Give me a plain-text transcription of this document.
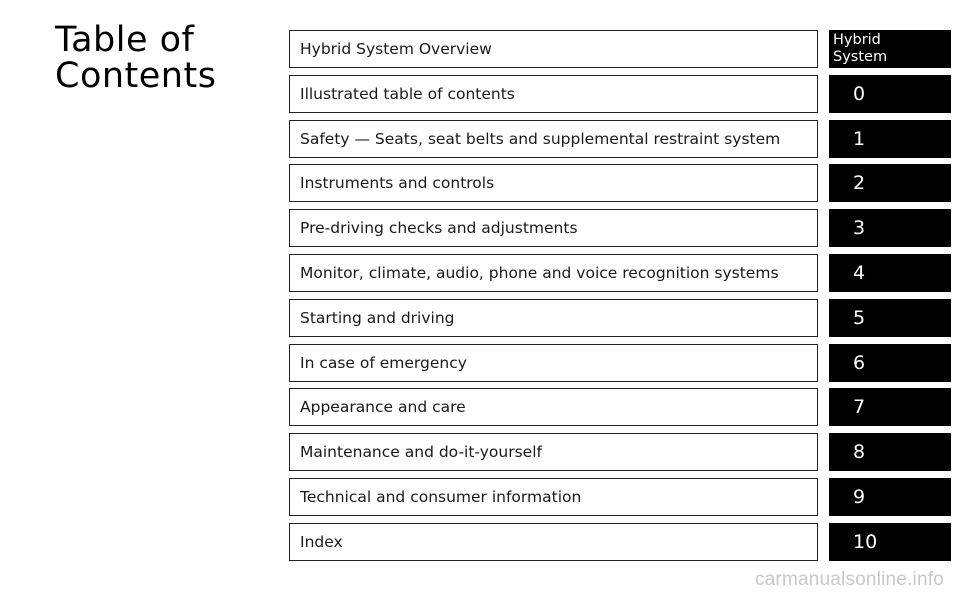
Table of
Contents
Hybrid System Overview	Hybrid
System
Illustrated table of contents	0
Safety — Seats, seat belts and supplemental restraint system	1
Instruments and controls	2
Pre-driving checks and adjustments	3
Monitor, climate, audio, phone and voice recognition systems	4
Starting and driving	5
In case of emergency	6
Appearance and care	7
Maintenance and do-it-yourself	8
Technical and consumer information	9
Index	10
carmanualsonline.info
